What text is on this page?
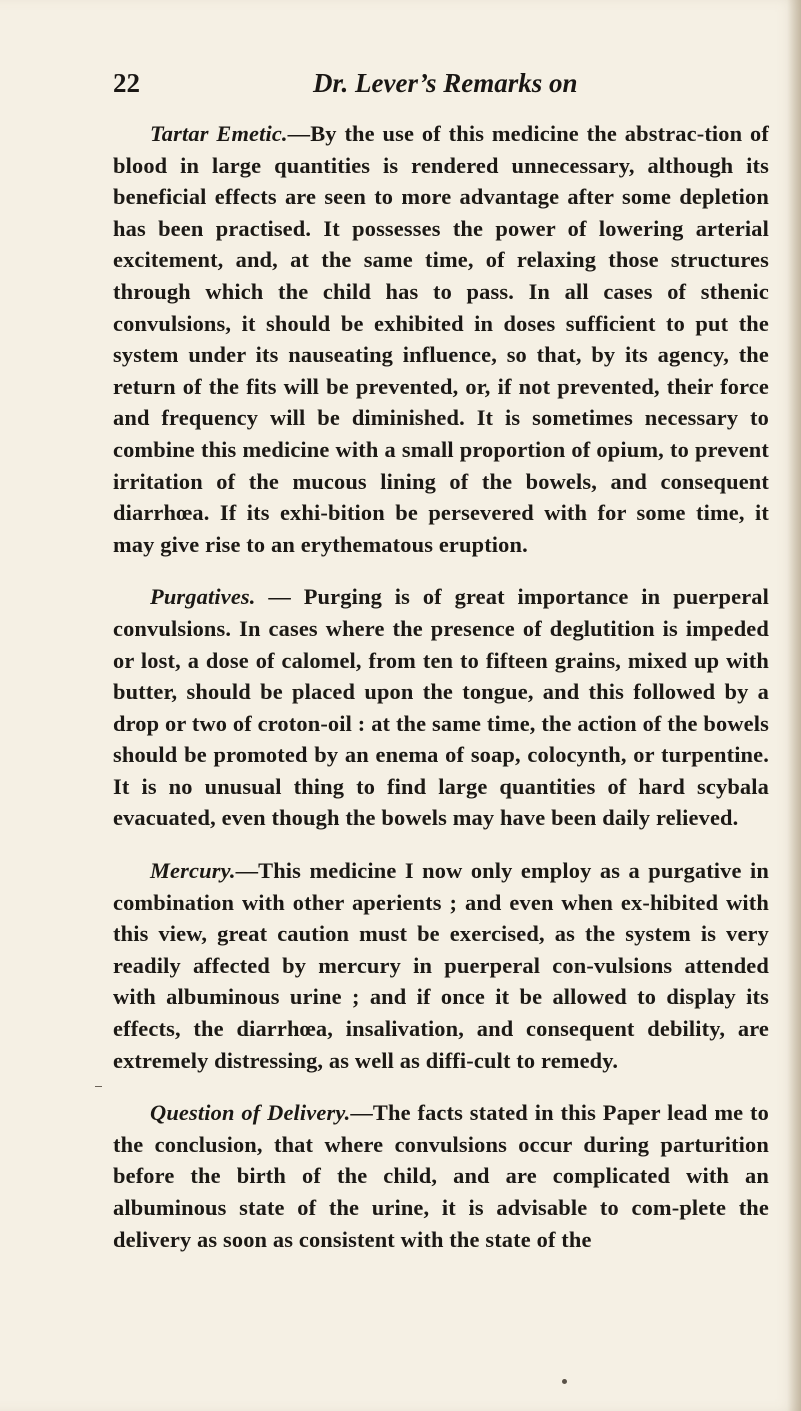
22	Dr. Lever’s Remarks on

Tartar Emetic.—By the use of this medicine the abstrac-tion of blood in large quantities is rendered unnecessary, although its beneficial effects are seen to more advantage after some depletion has been practised. It possesses the power of lowering arterial excitement, and, at the same time, of relaxing those structures through which the child has to pass. In all cases of sthenic convulsions, it should be exhibited in doses sufficient to put the system under its nauseating influence, so that, by its agency, the return of the fits will be prevented, or, if not prevented, their force and frequency will be diminished. It is sometimes necessary to combine this medicine with a small proportion of opium, to prevent irritation of the mucous lining of the bowels, and consequent diarrhœa. If its exhi-bition be persevered with for some time, it may give rise to an erythematous eruption.

Purgatives. — Purging is of great importance in puerperal convulsions. In cases where the presence of deglutition is impeded or lost, a dose of calomel, from ten to fifteen grains, mixed up with butter, should be placed upon the tongue, and this followed by a drop or two of croton-oil : at the same time, the action of the bowels should be promoted by an enema of soap, colocynth, or turpentine. It is no unusual thing to find large quantities of hard scybala evacuated, even though the bowels may have been daily relieved.

Mercury.—This medicine I now only employ as a purgative in combination with other aperients ; and even when ex-hibited with this view, great caution must be exercised, as the system is very readily affected by mercury in puerperal con-vulsions attended with albuminous urine ; and if once it be allowed to display its effects, the diarrhœa, insalivation, and consequent debility, are extremely distressing, as well as diffi-cult to remedy.

Question of Delivery.—The facts stated in this Paper lead me to the conclusion, that where convulsions occur during parturition before the birth of the child, and are complicated with an albuminous state of the urine, it is advisable to com-plete the delivery as soon as consistent with the state of the
